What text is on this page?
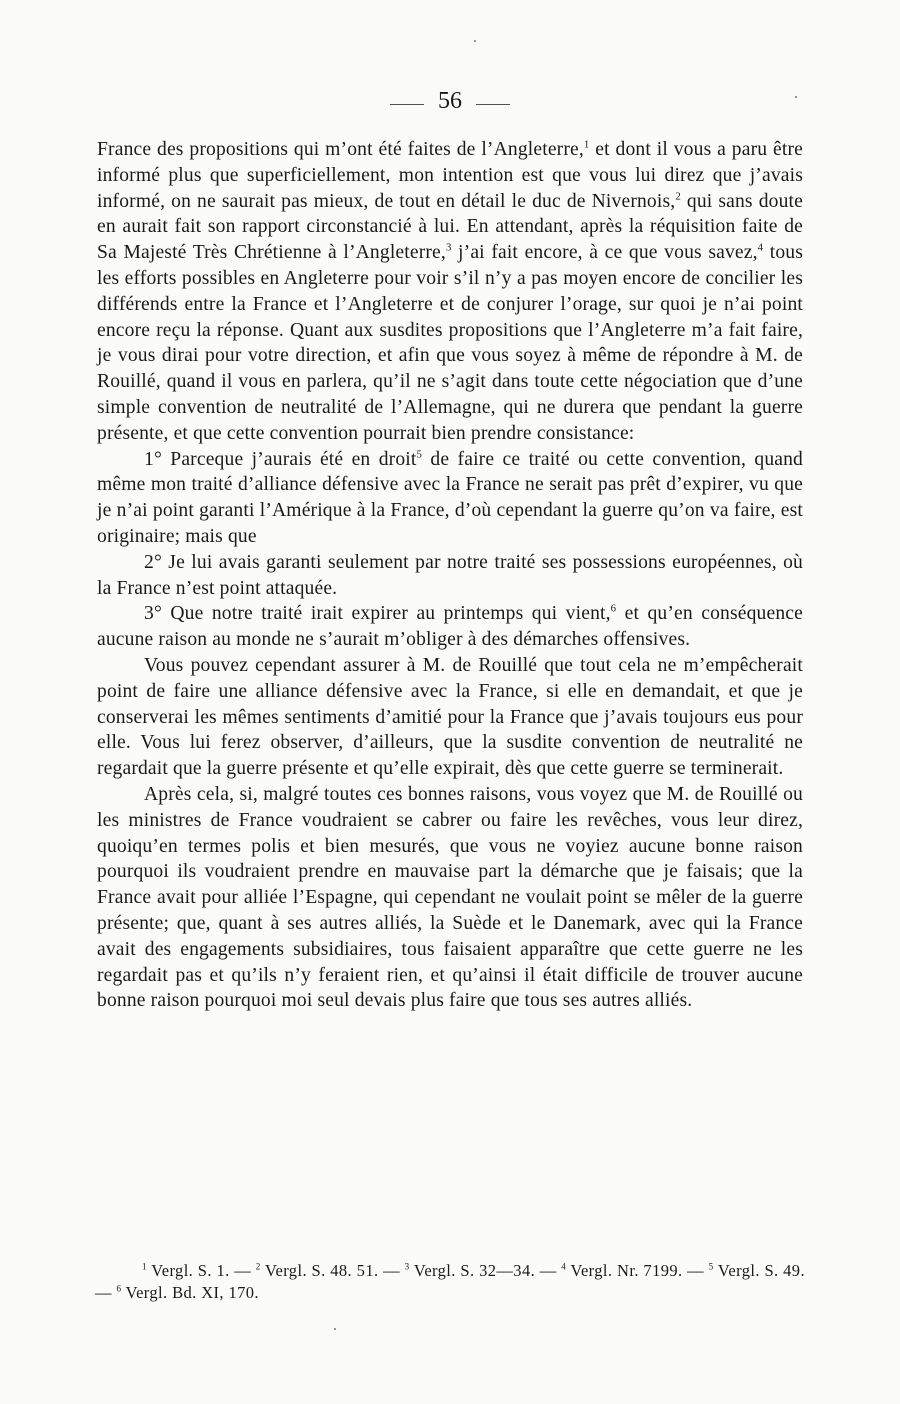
56

France des propositions qui m’ont été faites de l’Angleterre,$^1$ et dont il vous a paru être informé plus que superficiellement, mon intention est que vous lui direz que j’avais informé, on ne saurait pas mieux, de tout en détail le duc de Nivernois,$^2$ qui sans doute en aurait fait son rapport circonstancié à lui. En attendant, après la réquisition faite de Sa Majesté Très Chrétienne à l’Angleterre,$^3$ j’ai fait encore, à ce que vous savez,$^4$ tous les efforts possibles en Angleterre pour voir s’il n’y a pas moyen encore de concilier les différends entre la France et l’Angleterre et de conjurer l’orage, sur quoi je n’ai point encore reçu la réponse. Quant aux susdites propositions que l’Angleterre m’a fait faire, je vous dirai pour votre direction, et afin que vous soyez à même de répondre à M. de Rouillé, quand il vous en parlera, qu’il ne s’agit dans toute cette négociation que d’une simple convention de neutralité de l’Allemagne, qui ne durera que pendant la guerre présente, et que cette convention pourrait bien prendre consistance:

1° Parceque j’aurais été en droit$^5$ de faire ce traité ou cette convention, quand même mon traité d’alliance défensive avec la France ne serait pas prêt d’expirer, vu que je n’ai point garanti l’Amérique à la France, d’où cependant la guerre qu’on va faire, est originaire; mais que

2° Je lui avais garanti seulement par notre traité ses possessions européennes, où la France n’est point attaquée.

3° Que notre traité irait expirer au printemps qui vient,$^6$ et qu’en conséquence aucune raison au monde ne s’aurait m’obliger à des démarches offensives.

Vous pouvez cependant assurer à M. de Rouillé que tout cela ne m’empêcherait point de faire une alliance défensive avec la France, si elle en demandait, et que je conserverai les mêmes sentiments d’amitié pour la France que j’avais toujours eus pour elle. Vous lui ferez observer, d’ailleurs, que la susdite convention de neutralité ne regardait que la guerre présente et qu’elle expirait, dès que cette guerre se terminerait.

Après cela, si, malgré toutes ces bonnes raisons, vous voyez que M. de Rouillé ou les ministres de France voudraient se cabrer ou faire les revêches, vous leur direz, quoiqu’en termes polis et bien mesurés, que vous ne voyiez aucune bonne raison pourquoi ils voudraient prendre en mauvaise part la démarche que je faisais; que la France avait pour alliée l’Espagne, qui cependant ne voulait point se mêler de la guerre présente; que, quant à ses autres alliés, la Suède et le Danemark, avec qui la France avait des engagements subsidiaires, tous faisaient apparaître que cette guerre ne les regardait pas et qu’ils n’y feraient rien, et qu’ainsi il était difficile de trouver aucune bonne raison pourquoi moi seul devais plus faire que tous ses autres alliés.

$^1$ Vergl. S. 1. — $^2$ Vergl. S. 48. 51. — $^3$ Vergl. S. 32—34. — $^4$ Vergl. Nr. 7199. — $^5$ Vergl. S. 49. — $^6$ Vergl. Bd. XI, 170.
